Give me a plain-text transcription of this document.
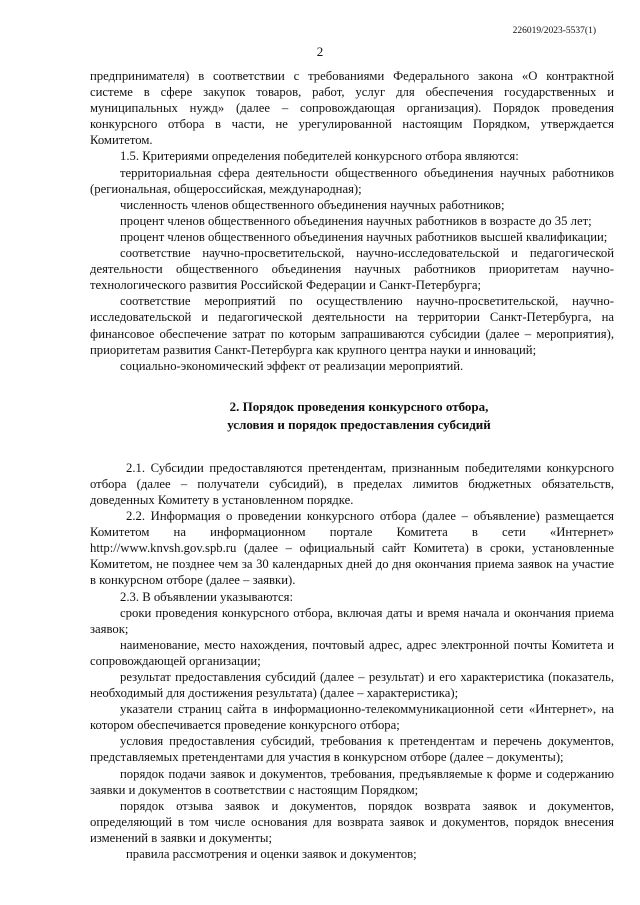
226019/2023-5537(1)
2

предпринимателя) в соответствии с требованиями Федерального закона «О контрактной системе в сфере закупок товаров, работ, услуг для обеспечения государственных и муниципальных нужд» (далее – сопровождающая организация). Порядок проведения конкурсного отбора в части, не урегулированной настоящим Порядком, утверждается Комитетом.

1.5. Критериями определения победителей конкурсного отбора являются:

территориальная сфера деятельности общественного объединения научных работников (региональная, общероссийская, международная);

численность членов общественного объединения научных работников;

процент членов общественного объединения научных работников в возрасте до 35 лет;

процент членов общественного объединения научных работников высшей квалификации;

соответствие научно-просветительской, научно-исследовательской и педагогической деятельности общественного объединения научных работников приоритетам научно-технологического развития Российской Федерации и Санкт-Петербурга;

соответствие мероприятий по осуществлению научно-просветительской, научно-исследовательской и педагогической деятельности на территории Санкт-Петербурга, на финансовое обеспечение затрат по которым запрашиваются субсидии (далее – мероприятия), приоритетам развития Санкт-Петербурга как крупного центра науки и инноваций;

социально-экономический эффект от реализации мероприятий.

2. Порядок проведения конкурсного отбора,

условия и порядок предоставления субсидий

2.1. Субсидии предоставляются претендентам, признанным победителями конкурсного отбора (далее – получатели субсидий), в пределах лимитов бюджетных обязательств, доведенных Комитету в установленном порядке.

2.2. Информация о проведении конкурсного отбора (далее – объявление) размещается Комитетом на информационном портале Комитета в сети «Интернет» http://www.knvsh.gov.spb.ru (далее – официальный сайт Комитета) в сроки, установленные Комитетом, не позднее чем за 30 календарных дней до дня окончания приема заявок на участие в конкурсном отборе (далее – заявки).

2.3. В объявлении указываются:

сроки проведения конкурсного отбора, включая даты и время начала и окончания приема заявок;

наименование, место нахождения, почтовый адрес, адрес электронной почты Комитета и сопровождающей организации;

результат предоставления субсидий (далее – результат) и его характеристика (показатель, необходимый для достижения результата) (далее – характеристика);

указатели страниц сайта в информационно-телекоммуникационной сети «Интернет», на котором обеспечивается проведение конкурсного отбора;

условия предоставления субсидий, требования к претендентам и перечень документов, представляемых претендентами для участия в конкурсном отборе (далее – документы);

порядок подачи заявок и документов, требования, предъявляемые к форме и содержанию заявки и документов в соответствии с настоящим Порядком;

порядок отзыва заявок и документов, порядок возврата заявок и документов, определяющий в том числе основания для возврата заявок и документов, порядок внесения изменений в заявки и документы;

правила рассмотрения и оценки заявок и документов;
